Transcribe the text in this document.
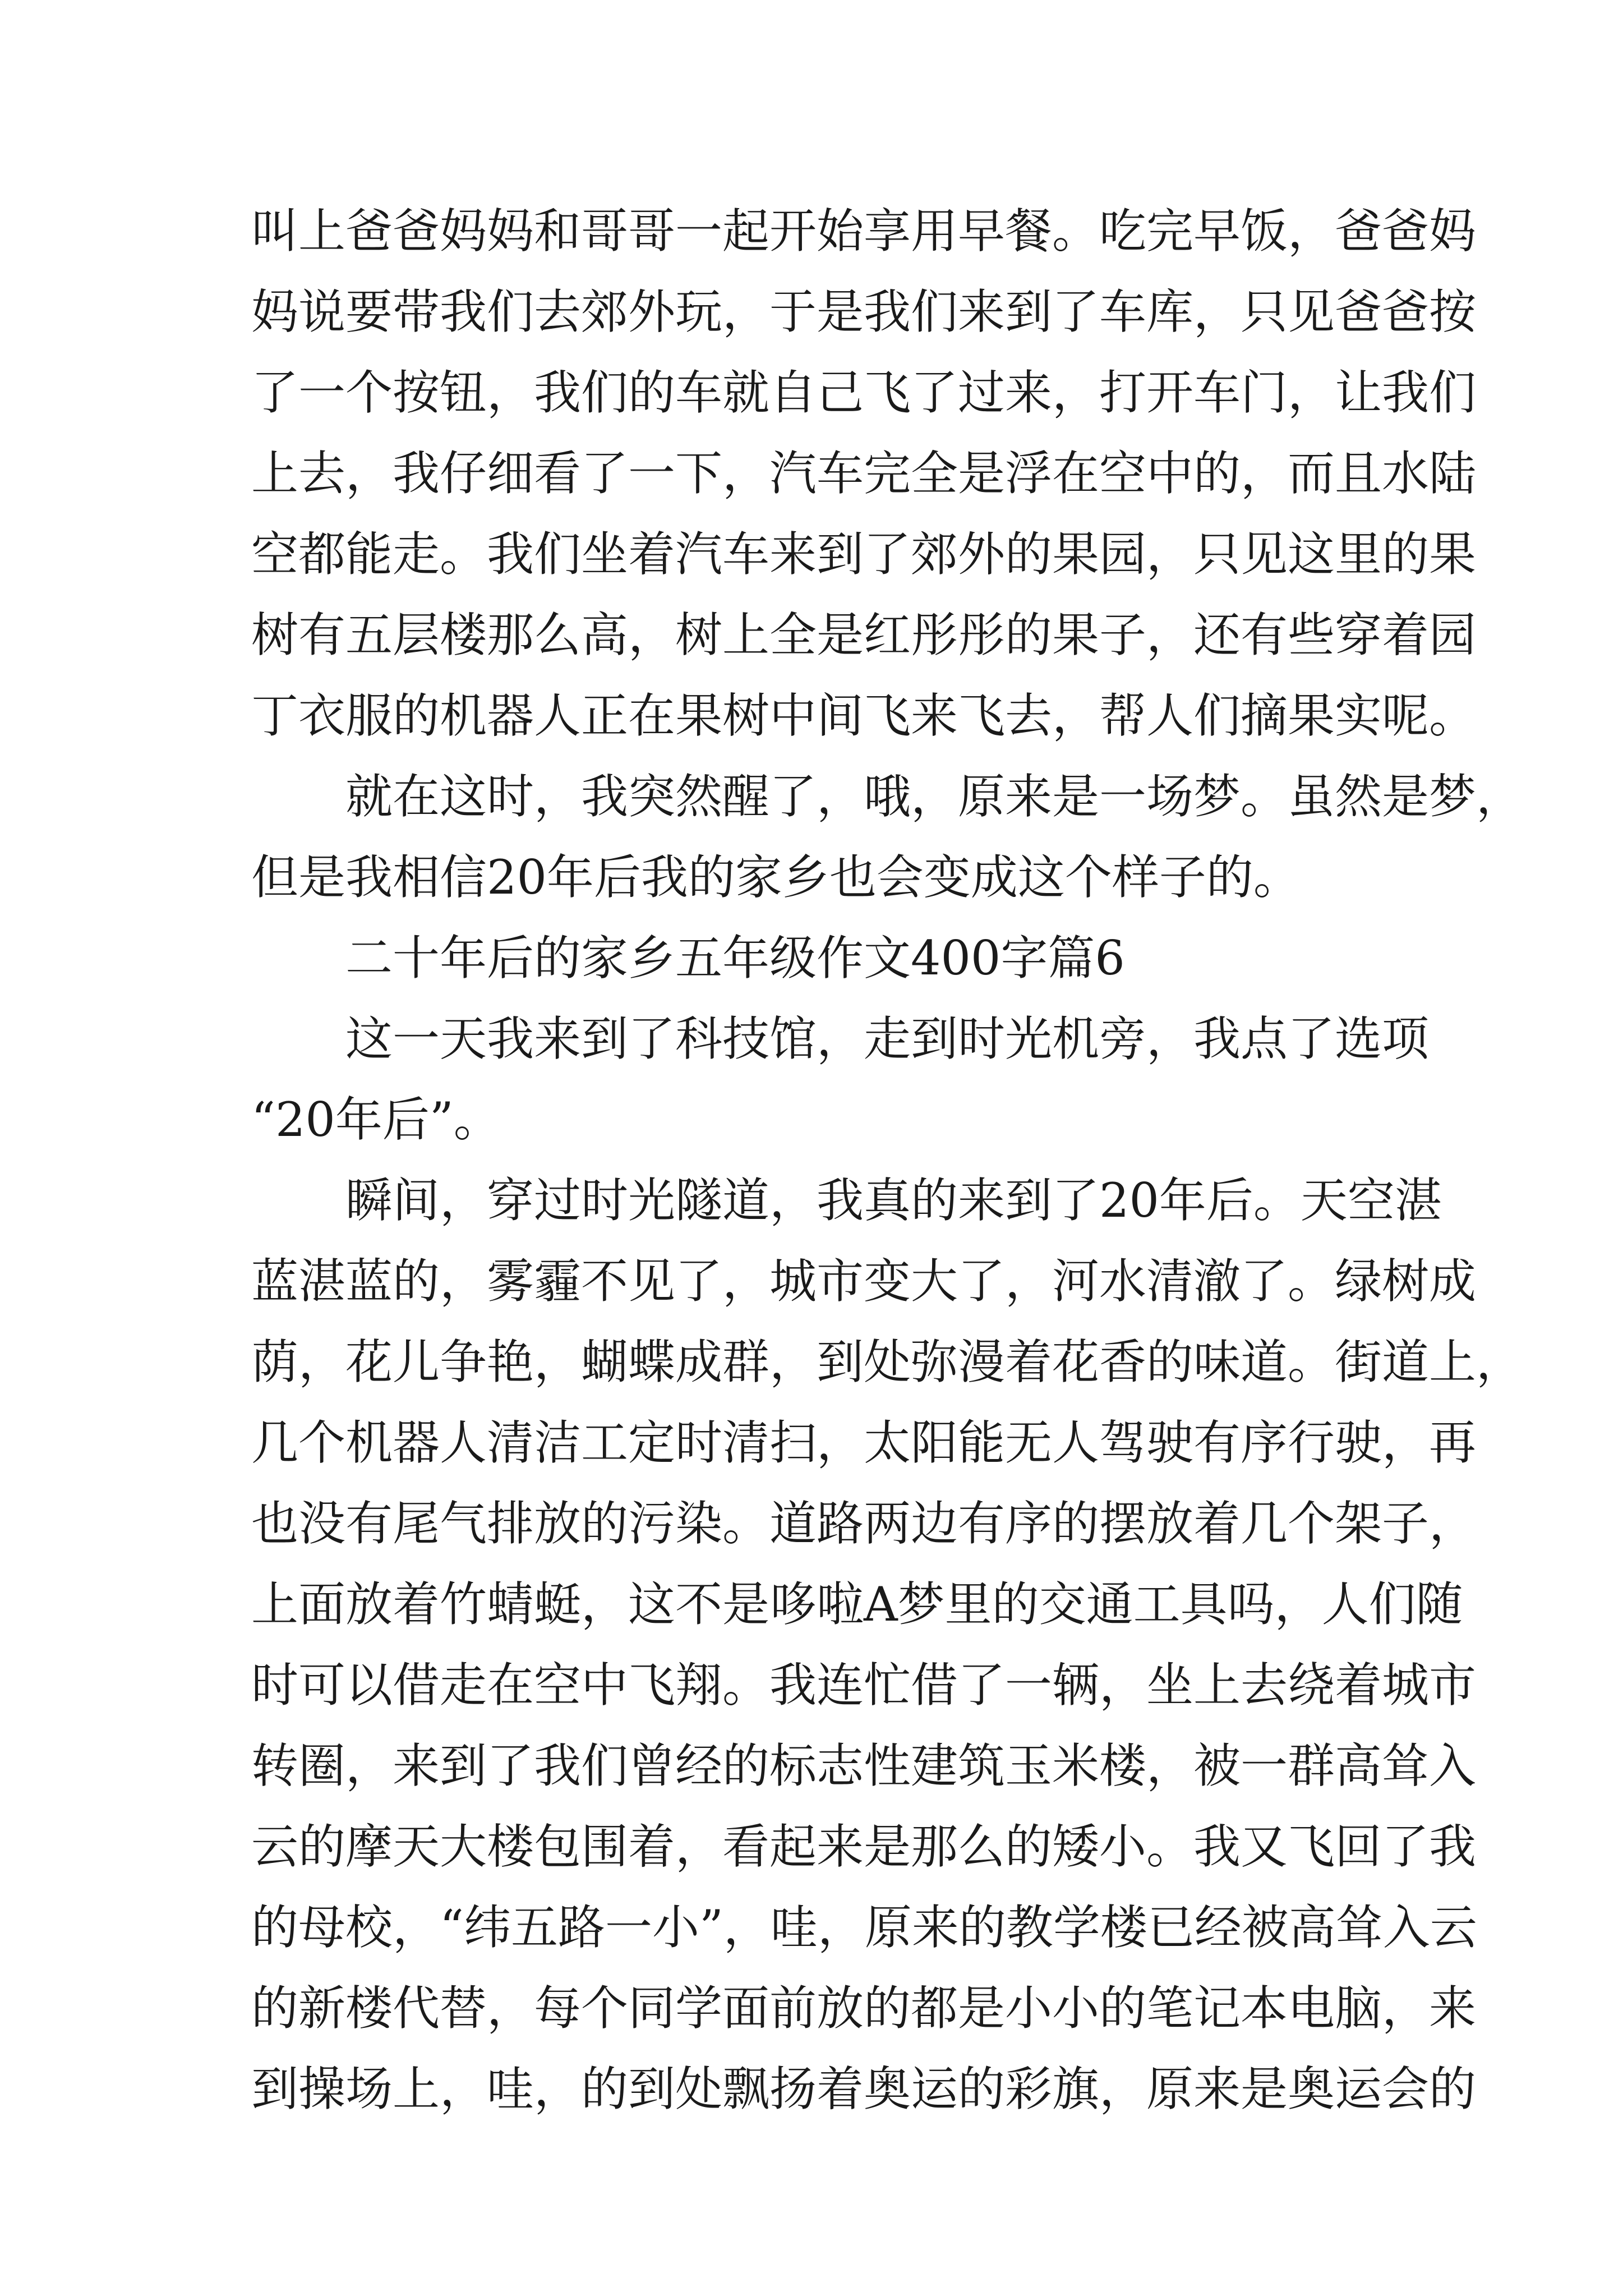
叫上爸爸妈妈和哥哥一起开始享用早餐。吃完早饭，爸爸妈
妈说要带我们去郊外玩，于是我们来到了车库，只见爸爸按
了一个按钮，我们的车就自己飞了过来，打开车门，让我们
上去，我仔细看了一下，汽车完全是浮在空中的，而且水陆
空都能走。我们坐着汽车来到了郊外的果园，只见这里的果
树有五层楼那么高，树上全是红彤彤的果子，还有些穿着园
丁衣服的机器人正在果树中间飞来飞去，帮人们摘果实呢。
就在这时，我突然醒了，哦，原来是一场梦。虽然是梦，
但是我相信20年后我的家乡也会变成这个样子的。
二十年后的家乡五年级作文400字篇6
这一天我来到了科技馆，走到时光机旁，我点了选项
“20年后”。
瞬间，穿过时光隧道，我真的来到了20年后。天空湛
蓝湛蓝的，雾霾不见了，城市变大了，河水清澈了。绿树成
荫，花儿争艳，蝴蝶成群，到处弥漫着花香的味道。街道上，
几个机器人清洁工定时清扫，太阳能无人驾驶有序行驶，再
也没有尾气排放的污染。道路两边有序的摆放着几个架子，
上面放着竹蜻蜓，这不是哆啦A梦里的交通工具吗，人们随
时可以借走在空中飞翔。我连忙借了一辆，坐上去绕着城市
转圈，来到了我们曾经的标志性建筑玉米楼，被一群高耸入
云的摩天大楼包围着，看起来是那么的矮小。我又飞回了我
的母校，“纬五路一小”，哇，原来的教学楼已经被高耸入云
的新楼代替，每个同学面前放的都是小小的笔记本电脑，来
到操场上，哇，的到处飘扬着奥运的彩旗，原来是奥运会的
